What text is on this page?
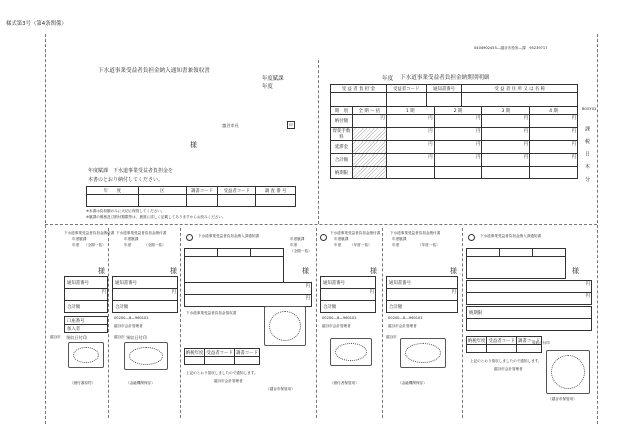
様式第3号（第4条関係）
0404902455―越谷市役所―課　95239717
下水道事業受益者負担金納入通知書兼領収書
年度賦課
年度
様
越谷市長	印
年度賦課　下水道事業受益者負担金を
本書のとおり納付してください。
年　　度	区	調書コード	受益者コード	調 査 番 号

※本書は負担額のみに大切に保管してください。
※賦課の債務及び納付期限等は、裏面に詳しく記載してありますからお読みください。
年度 下水道事業受益者負担金納期別明細
受 益 者 負 担 金	受益者コード	通知書番号	受 益 者 住 所 又 は 名 称

期　別	全 期 ～ 括	1 期	2 期	3 期	4 期
納付額	円	円	円	円	円
督促手数料		円	円	円	円
延滞金		円	円	円	円
合計額		円	円	円	円
納期限					
BOSY03
課 税 日 本 分
下水道事業受益者負担金納付書
年度賦課
年度 （全期一括）
様
通知書番号
円
合計額
口座番号
加入者
領収日付印
（納付書原符）
下水道事業受益者負担金納付書
年度賦課
年度	（全期一括）
様
通知書番号
円
合計額
00200―8―960101
越谷市会計管理者
領収日付印
（金融機関保存）
下水道事業受益者負担金納入済通知書
年度賦課
年度
（全期一括）
様

円
円
下水道事業受益者負担金領収書
納税年度	受益者コード	調書コード

上記のとおり領収しましたので通知します。
越谷市会計管理者
（越谷市保管用）
下水道事業受益者負担金納付書
年度賦課
年度 （年度一括）
様
通知書番号
円
合計額
00200―8―960101
越谷市会計管理者
（納付者保管用）
下水道事業受益者負担金納付書
年度賦課
年度	（年度一括）
様
通知書番号
円
合計額
00200―8―960101
越谷市会計管理者
（金融機関保存）
下水道事業受益者負担金納入済通知書
様

円
円
納期限

納税年度	受益者コード	調書コード

領収日付印
上記のとおり領収しましたので通知します。
越谷市会計管理者
（越谷市保管用）
越谷市	越谷市	越谷市
